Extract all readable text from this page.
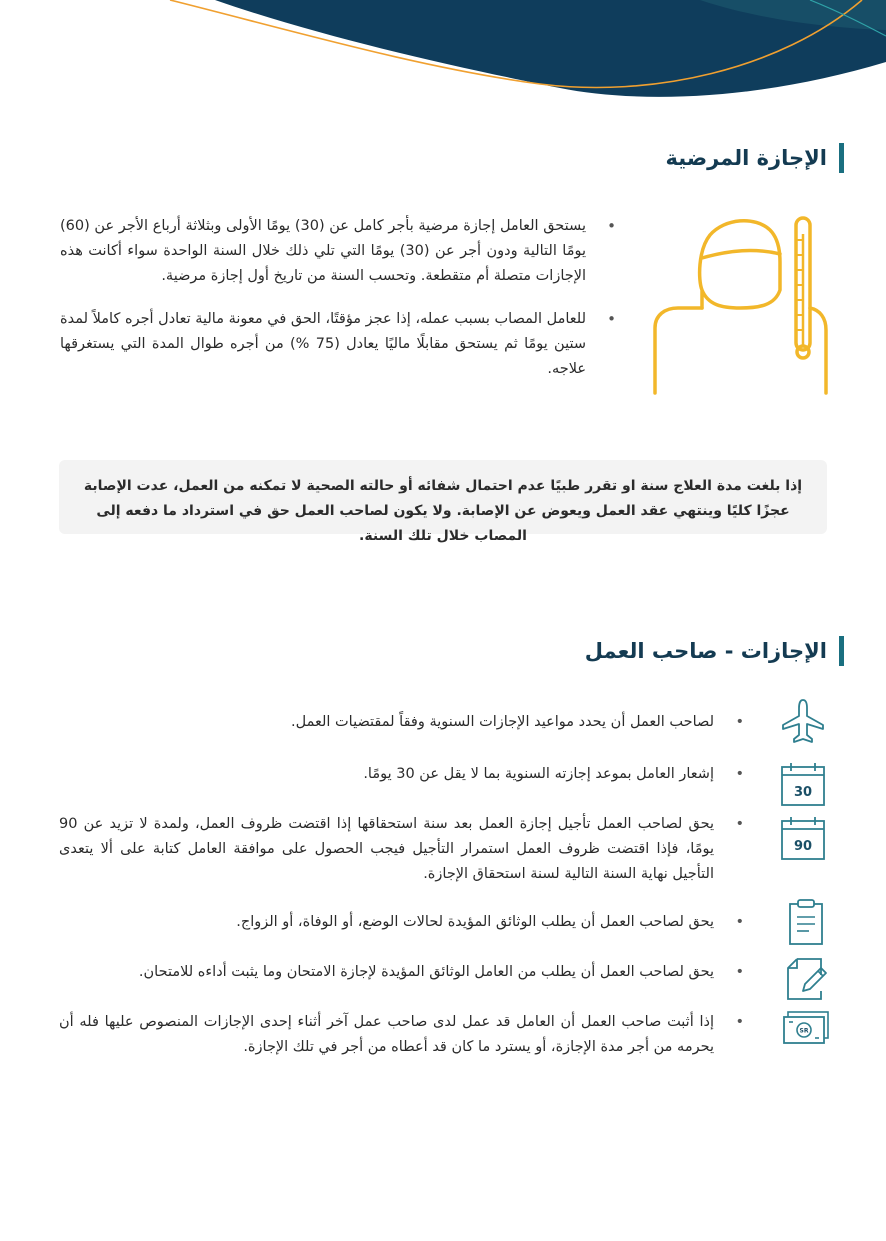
الإجازة المرضية
• يستحق العامل إجازة مرضية بأجر كامل عن (30) يومًا الأولى وبثلاثة أرباع الأجر عن (60) يومًا التالية ودون أجر عن (30) يومًا التي تلي ذلك خلال السنة الواحدة سواء أكانت هذه الإجازات متصلة أم متقطعة. وتحسب السنة من تاريخ أول إجازة مرضية.
• للعامل المصاب بسبب عمله، إذا عجز مؤقتًا، الحق في معونة مالية تعادل أجره كاملاً لمدة ستين يومًا ثم يستحق مقابلًا ماليًا يعادل (75 %) من أجره طوال المدة التي يستغرقها علاجه.

إذا بلغت مدة العلاج سنة او تقرر طبيًا عدم احتمال شفائه أو حالته الصحية لا تمكنه من العمل، عدت الإصابة عجزًا كليًا وينتهي عقد العمل ويعوض عن الإصابة. ولا يكون لصاحب العمل حق في استرداد ما دفعه إلى المصاب خلال تلك السنة.

الإجازات - صاحب العمل

• لصاحب العمل أن يحدد مواعيد الإجازات السنوية وفقاً لمقتضيات العمل.

• إشعار العامل بموعد إجازته السنوية بما لا يقل عن 30 يومًا.

• يحق لصاحب العمل تأجيل إجازة العمل بعد سنة استحقاقها إذا اقتضت ظروف العمل، ولمدة لا تزيد عن 90 يومًا، فإذا اقتضت ظروف العمل استمرار التأجيل فيجب الحصول على موافقة العامل كتابة على ألا يتعدى التأجيل نهاية السنة التالية لسنة استحقاق الإجازة.

• يحق لصاحب العمل أن يطلب الوثائق المؤيدة لحالات الوضع، أو الوفاة، أو الزواج.

• يحق لصاحب العمل أن يطلب من العامل الوثائق المؤيدة لإجازة الامتحان وما يثبت أداءه للامتحان.

• إذا أثبت صاحب العمل أن العامل قد عمل لدى صاحب عمل آخر أثناء إحدى الإجازات المنصوص عليها فله أن يحرمه من أجر مدة الإجازة، أو يسترد ما كان قد أعطاه من أجر في تلك الإجازة.

30
90
SR
